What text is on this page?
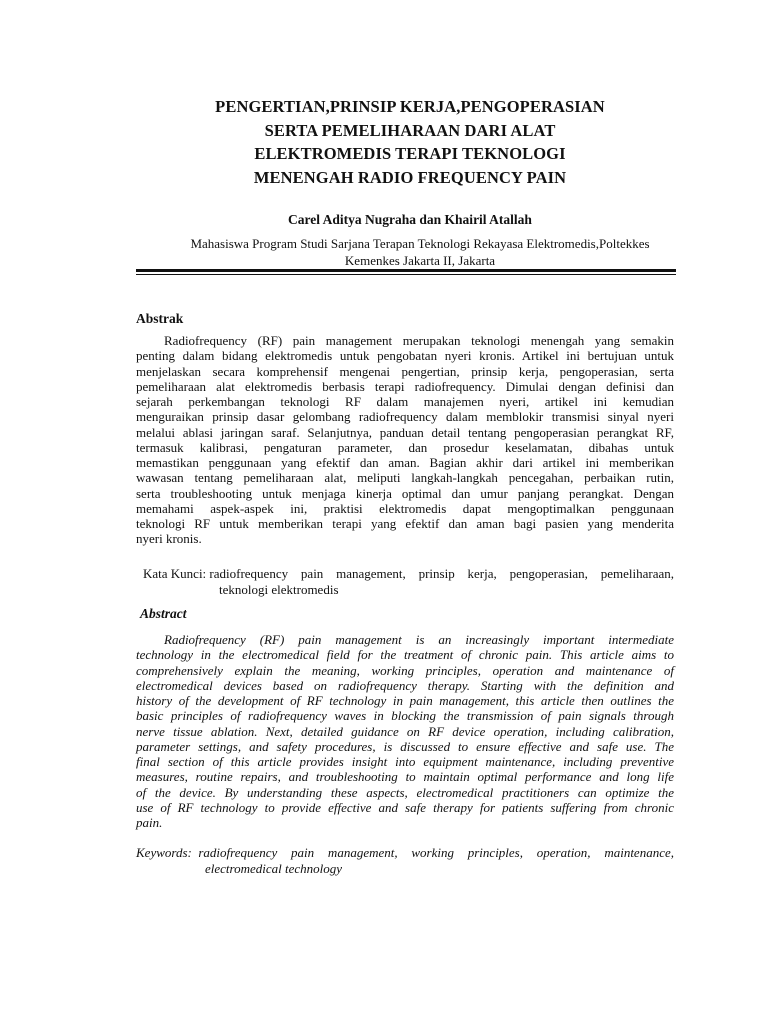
PENGERTIAN,PRINSIP KERJA,PENGOPERASIAN
SERTA PEMELIHARAAN DARI ALAT
ELEKTROMEDIS TERAPI TEKNOLOGI
MENENGAH RADIO FREQUENCY PAIN
Carel Aditya Nugraha dan Khairil Atallah
Mahasiswa Program Studi Sarjana Terapan Teknologi Rekayasa Elektromedis,Poltekkes
Kemenkes Jakarta II, Jakarta
Abstrak
Radiofrequency (RF) pain management merupakan teknologi menengah yang semakin
penting dalam bidang elektromedis untuk pengobatan nyeri kronis. Artikel ini bertujuan untuk
menjelaskan secara komprehensif mengenai pengertian, prinsip kerja, pengoperasian, serta
pemeliharaan alat elektromedis berbasis terapi radiofrequency. Dimulai dengan definisi dan
sejarah perkembangan teknologi RF dalam manajemen nyeri, artikel ini kemudian
menguraikan prinsip dasar gelombang radiofrequency dalam memblokir transmisi sinyal nyeri
melalui ablasi jaringan saraf. Selanjutnya, panduan detail tentang pengoperasian perangkat RF,
termasuk kalibrasi, pengaturan parameter, dan prosedur keselamatan, dibahas untuk
memastikan penggunaan yang efektif dan aman. Bagian akhir dari artikel ini memberikan
wawasan tentang pemeliharaan alat, meliputi langkah-langkah pencegahan, perbaikan rutin,
serta troubleshooting untuk menjaga kinerja optimal dan umur panjang perangkat. Dengan
memahami aspek-aspek ini, praktisi elektromedis dapat mengoptimalkan penggunaan
teknologi RF untuk memberikan terapi yang efektif dan aman bagi pasien yang menderita
nyeri kronis.
Kata Kunci: radiofrequency pain management, prinsip kerja, pengoperasian, pemeliharaan,
teknologi elektromedis
Abstract
Radiofrequency (RF) pain management is an increasingly important intermediate
technology in the electromedical field for the treatment of chronic pain. This article aims to
comprehensively explain the meaning, working principles, operation and maintenance of
electromedical devices based on radiofrequency therapy. Starting with the definition and
history of the development of RF technology in pain management, this article then outlines the
basic principles of radiofrequency waves in blocking the transmission of pain signals through
nerve tissue ablation. Next, detailed guidance on RF device operation, including calibration,
parameter settings, and safety procedures, is discussed to ensure effective and safe use. The
final section of this article provides insight into equipment maintenance, including preventive
measures, routine repairs, and troubleshooting to maintain optimal performance and long life
of the device. By understanding these aspects, electromedical practitioners can optimize the
use of RF technology to provide effective and safe therapy for patients suffering from chronic
pain.
Keywords: radiofrequency pain management, working principles, operation, maintenance,
electromedical technology
